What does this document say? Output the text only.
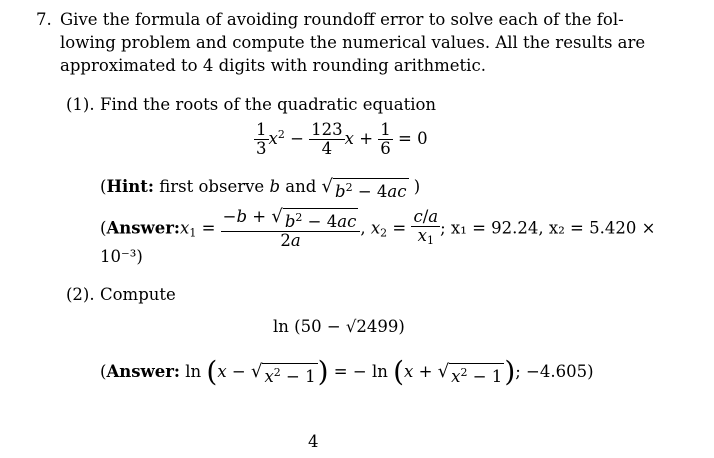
7. Give the formula of avoiding roundoff error to solve each of the fol-
lowing problem and compute the numerical values. All the results are
approximated to 4 digits with rounding arithmetic.
(1). Find the roots of the quadratic equation
$\frac{1}{3} x^2 - \frac{123}{4}$ $x + \frac{1}{6} = 0$
(Hint: first observe b and √ $b^2 - 4ac$ )
($Answer:x_1 = \frac{-b + √ b^2 - 4ac}{2a}$ , $x_2 = \frac{c/a}{x_1}$ ; x₁ = 92.24, x₂ = 5.420 ×
10⁻³)
(2). Compute
ln (50 − √2499)
(Answer: ln (x − √ $x^2 - 1$ ) = − ln (x + √ $x^2 - 1$ ); −4.605)
4
